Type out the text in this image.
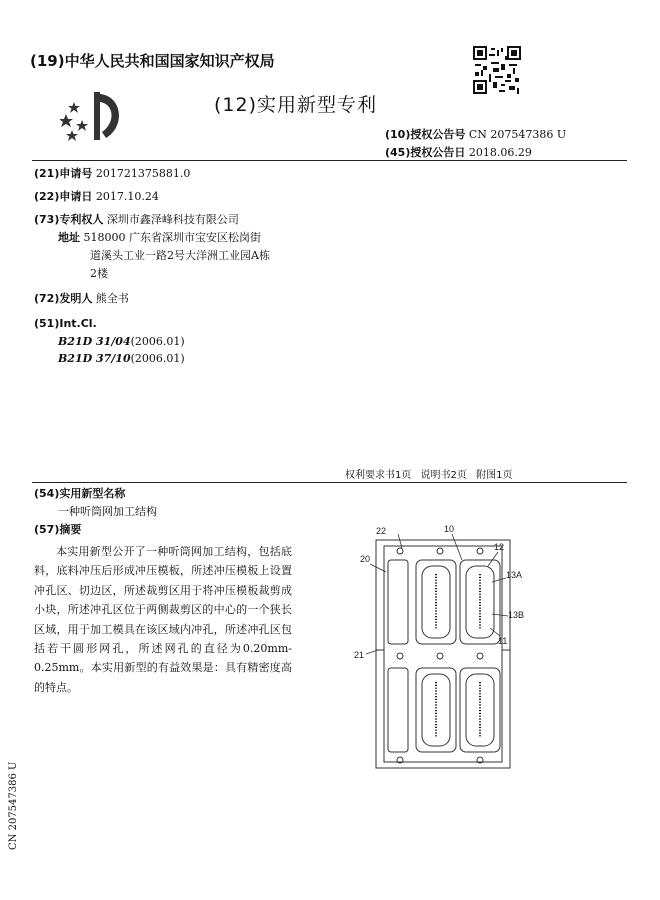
(19)中华人民共和国国家知识产权局
(12)实用新型专利
(10)授权公告号 CN 207547386 U
(45)授权公告日 2018.06.29
(21)申请号 201721375881.0
(22)申请日 2017.10.24
(73)专利权人 深圳市鑫泽峰科技有限公司
地址 518000 广东省深圳市宝安区松岗街
道溪头工业一路2号大洋洲工业园A栋
2楼
(72)发明人 熊全书
(51)Int.Cl.
B21D 31/04(2006.01)
B21D 37/10(2006.01)
权利要求书1页 说明书2页 附图1页
(54)实用新型名称
一种听筒网加工结构
(57)摘要
本实用新型公开了一种听筒网加工结构，包括底料，底料冲压后形成冲压模板，所述冲压模板上设置冲孔区、切边区，所述裁剪区用于将冲压模板裁剪成小块，所述冲孔区位于两侧裁剪区的中心的一个狭长区域，用于加工模具在该区域内冲孔，所述冲孔区包括若干圆形网孔，所述网孔的直径为0.20mm-0.25mm。本实用新型的有益效果是：具有精密度高的特点。
CN 207547386 U
22	10
12
20
13A
13B
11
21
